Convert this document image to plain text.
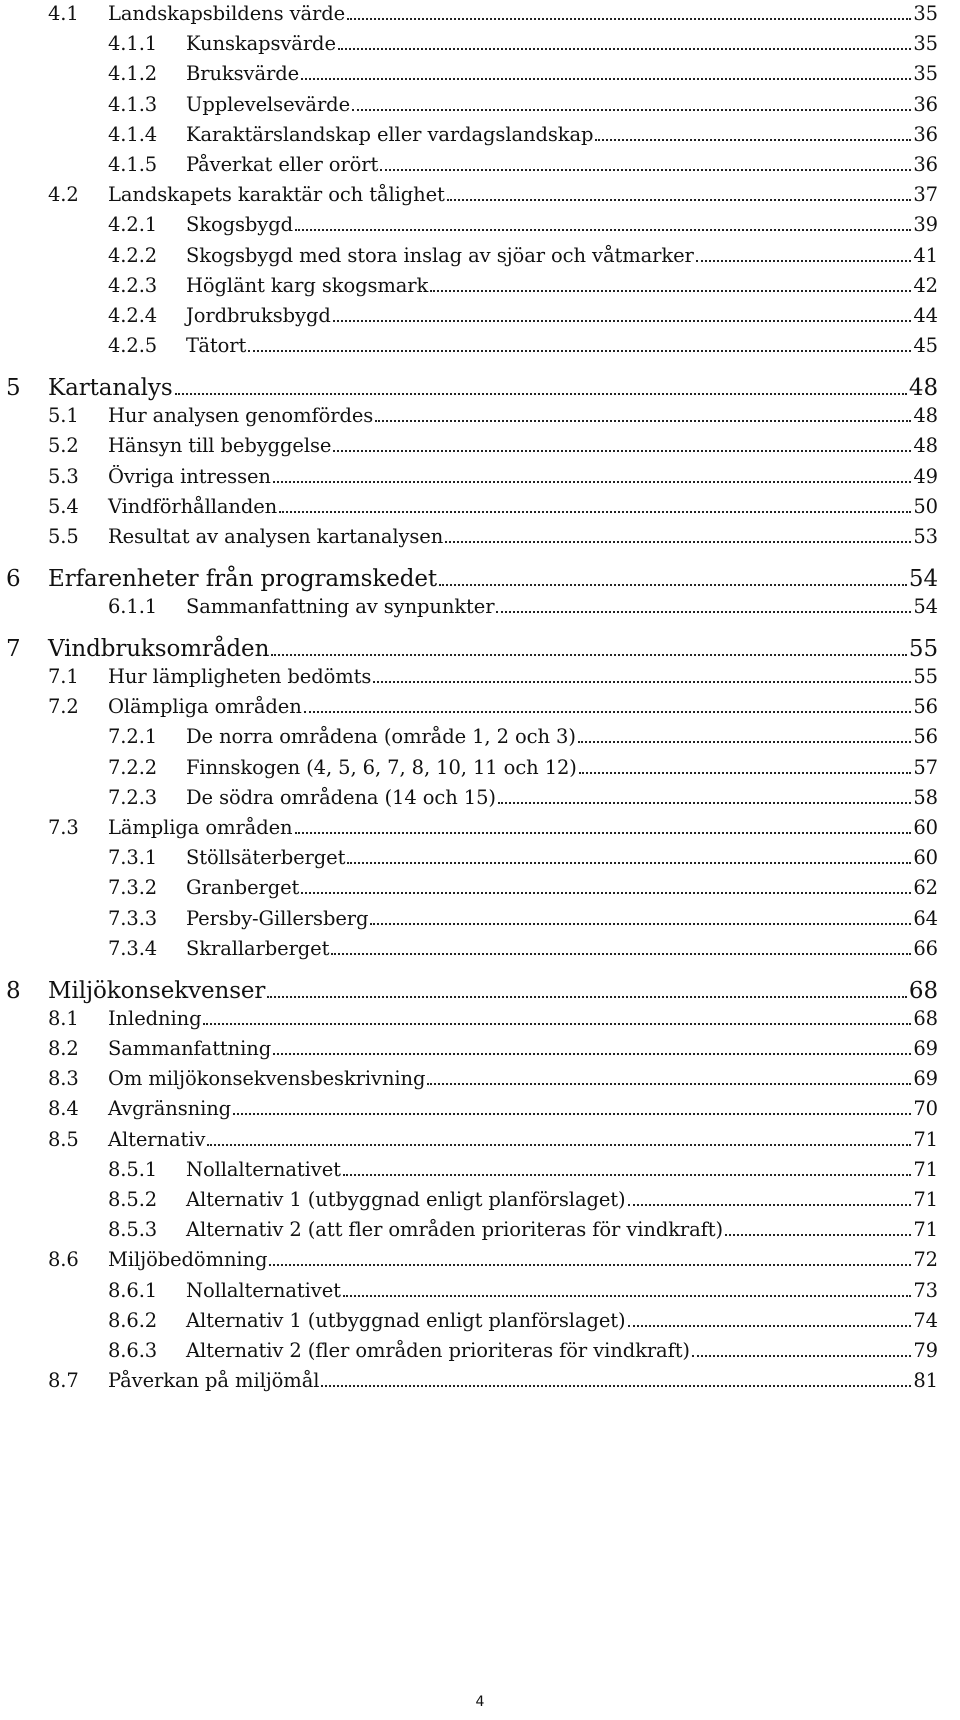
4.1	Landskapsbildens värde	35
4.1.1	Kunskapsvärde	35
4.1.2	Bruksvärde	35
4.1.3	Upplevelsevärde	36
4.1.4	Karaktärslandskap eller vardagslandskap	36
4.1.5	Påverkat eller orört	36
4.2	Landskapets karaktär och tålighet	37
4.2.1	Skogsbygd	39
4.2.2	Skogsbygd med stora inslag av sjöar och våtmarker	41
4.2.3	Höglänt karg skogsmark	42
4.2.4	Jordbruksbygd	44
4.2.5	Tätort	45
5	Kartanalys	48
5.1	Hur analysen genomfördes	48
5.2	Hänsyn till bebyggelse	48
5.3	Övriga intressen	49
5.4	Vindförhållanden	50
5.5	Resultat av analysen kartanalysen	53
6	Erfarenheter från programskedet	54
6.1.1	Sammanfattning av synpunkter	54
7	Vindbruksområden	55
7.1	Hur lämpligheten bedömts	55
7.2	Olämpliga områden	56
7.2.1	De norra områdena (område 1, 2 och 3)	56
7.2.2	Finnskogen (4, 5, 6, 7, 8, 10, 11 och 12)	57
7.2.3	De södra områdena (14 och 15)	58
7.3	Lämpliga områden	60
7.3.1	Stöllsäterberget	60
7.3.2	Granberget	62
7.3.3	Persby-Gillersberg	64
7.3.4	Skrallarberget	66
8	Miljökonsekvenser	68
8.1	Inledning	68
8.2	Sammanfattning	69
8.3	Om miljökonsekvensbeskrivning	69
8.4	Avgränsning	70
8.5	Alternativ	71
8.5.1	Nollalternativet	71
8.5.2	Alternativ 1 (utbyggnad enligt planförslaget)	71
8.5.3	Alternativ 2 (att fler områden prioriteras för vindkraft)	71
8.6	Miljöbedömning	72
8.6.1	Nollalternativet	73
8.6.2	Alternativ 1 (utbyggnad enligt planförslaget)	74
8.6.3	Alternativ 2 (fler områden prioriteras för vindkraft)	79
8.7	Påverkan på miljömål	81
4
